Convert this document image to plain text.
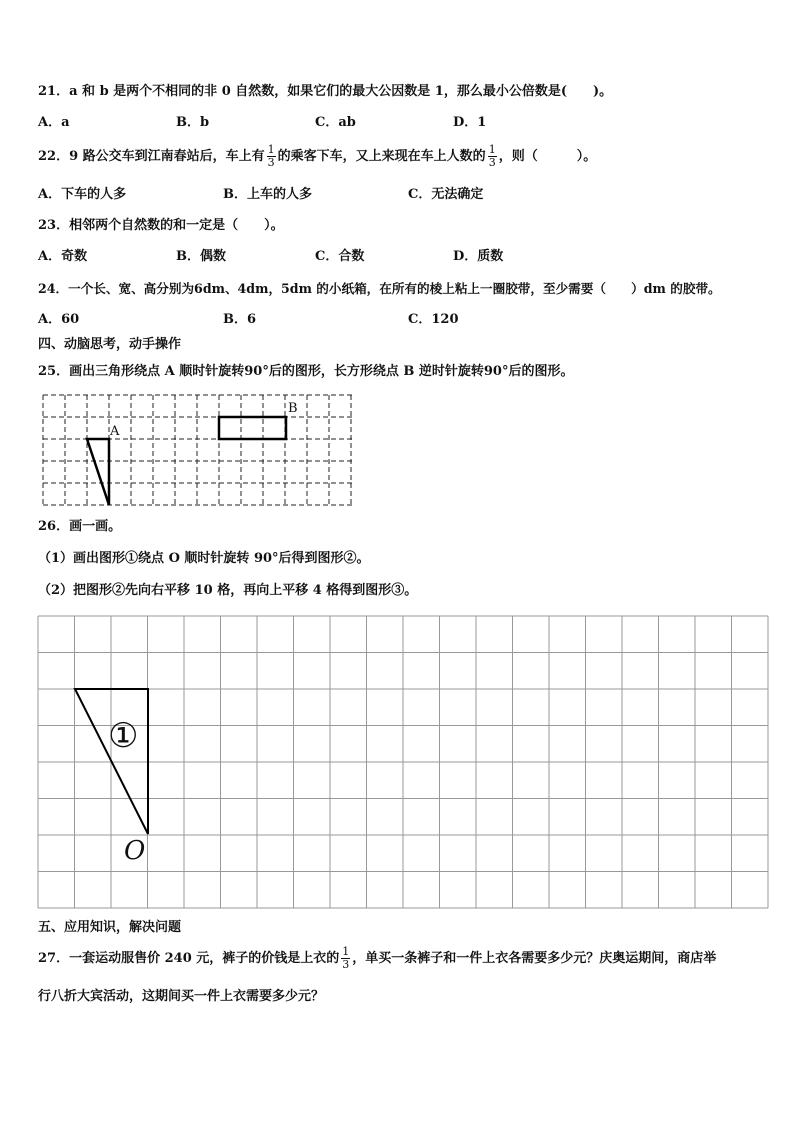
21．a 和 b 是两个不相同的非 0 自然数，如果它们的最大公因数是 1，那么最小公倍数是(　　)。
A．a	B．b	C．ab	D．1
22．9 路公交车到江南春站后，车上有 $\frac{1}{3}$ 的乘客下车，又上来现在车上人数的 $\frac{1}{3}$ ，则（　　　）。
A．下车的人多	B．上车的人多	C．无法确定
23．相邻两个自然数的和一定是（　　）。
A．奇数	B．偶数	C．合数	D．质数
24．一个长、宽、高分别为6dm、4dm，5dm 的小纸箱，在所有的棱上粘上一圈胶带，至少需要（　　）dm 的胶带。
A．60	B．6	C．120
四、动脑思考，动手操作
25．画出三角形绕点 A 顺时针旋转90°后的图形，长方形绕点 B 逆时针旋转90°后的图形。
A
B
26．画一画。
（1）画出图形①绕点 O 顺时针旋转 90°后得到图形②。
（2）把图形②先向右平移 10 格，再向上平移 4 格得到图形③。
①
O
五、应用知识，解决问题
27．一套运动服售价 240 元，裤子的价钱是上衣的 $\frac{1}{3}$ ，单买一条裤子和一件上衣各需要多少元？庆奥运期间，商店举
行八折大宾活动，这期间买一件上衣需要多少元？
